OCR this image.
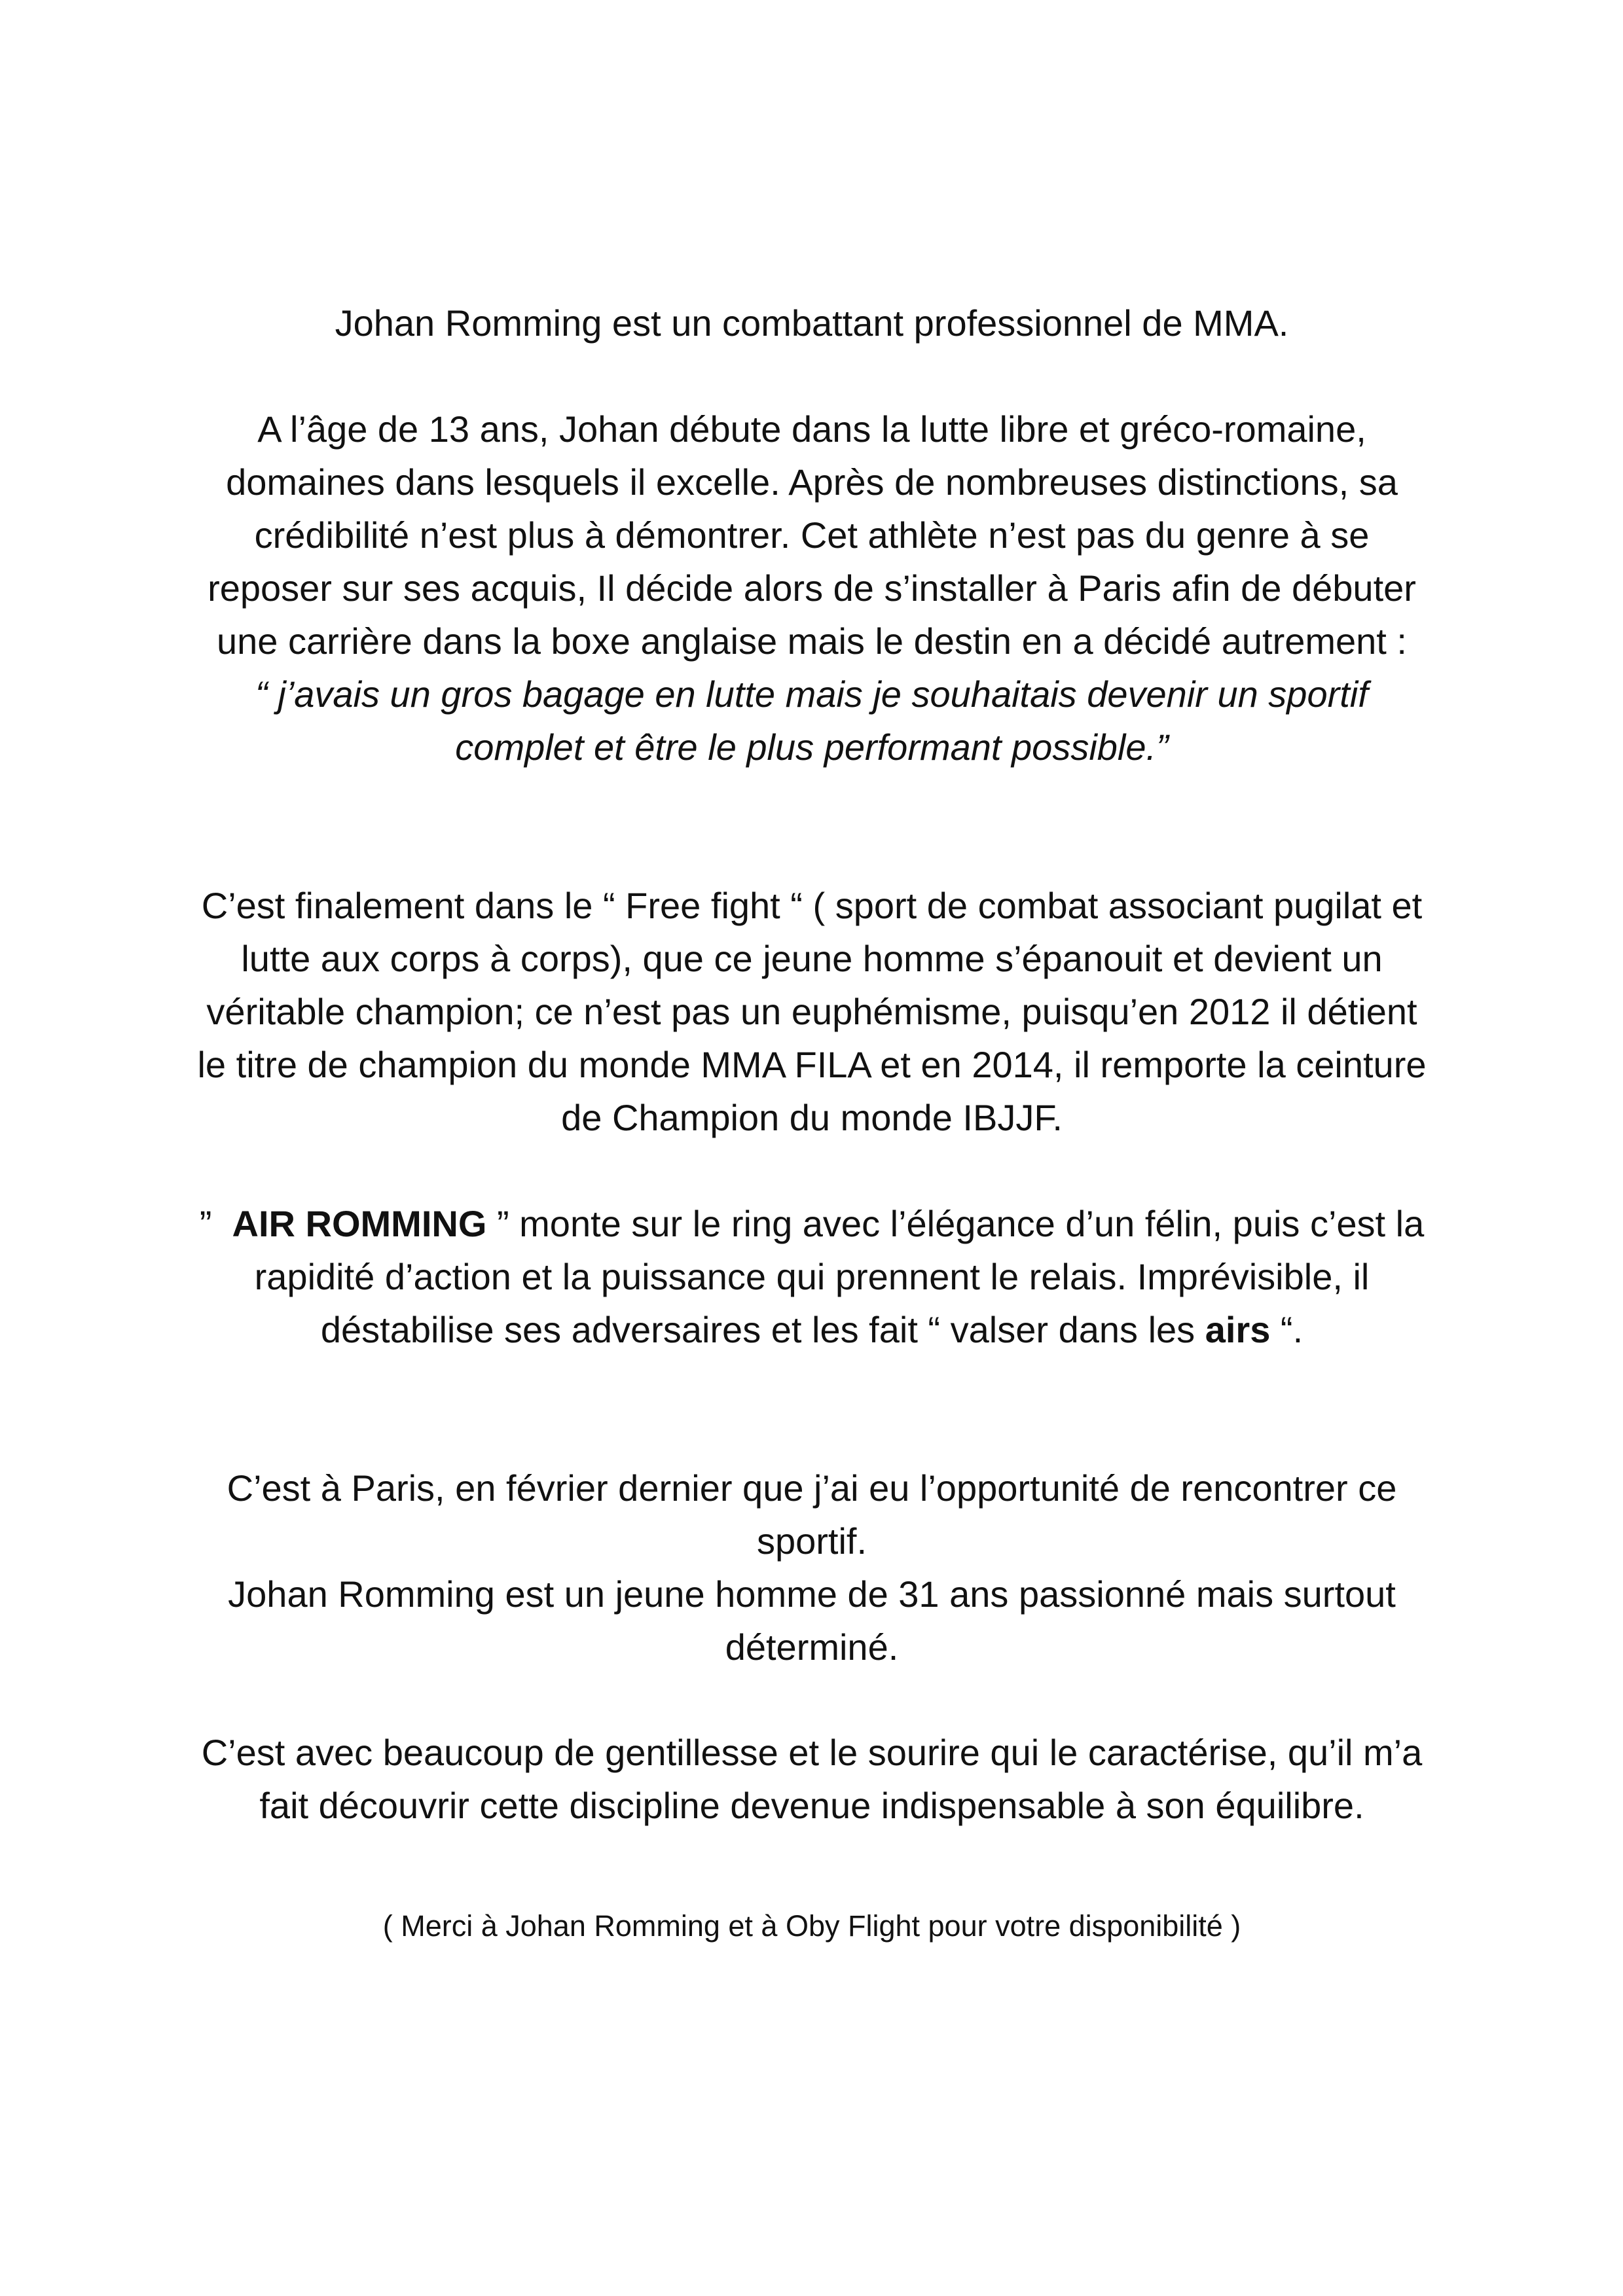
Johan Romming est un combattant professionnel de MMA.

A l’âge de 13 ans, Johan débute dans la lutte libre et gréco-romaine, domaines dans lesquels il excelle. Après de nombreuses distinctions, sa crédibilité n’est plus à démontrer. Cet athlète n’est pas du genre à se reposer sur ses acquis, Il décide alors de s’installer à Paris afin de débuter une carrière dans la boxe anglaise mais le destin en a décidé autrement :

“ j’avais un gros bagage en lutte mais je souhaitais devenir un sportif complet et être le plus performant possible.”

C’est finalement dans le “ Free fight “ ( sport de combat associant pugilat et lutte aux corps à corps), que ce jeune homme s’épanouit et devient un véritable champion; ce n’est pas un euphémisme, puisqu’en 2012 il détient le titre de champion du monde MMA FILA et en 2014, il remporte la ceinture de Champion du monde IBJJF.

” AIR ROMMING ” monte sur le ring avec l’élégance d’un félin, puis c’est la rapidité d’action et la puissance qui prennent le relais. Imprévisible, il déstabilise ses adversaires et les fait “ valser dans les airs “.

C’est à Paris, en février dernier que j’ai eu l’opportunité de rencontrer ce sportif.

Johan Romming est un jeune homme de 31 ans passionné mais surtout déterminé.

C’est avec beaucoup de gentillesse et le sourire qui le caractérise, qu’il m’a fait découvrir cette discipline devenue indispensable à son équilibre.

( Merci à Johan Romming et à Oby Flight pour votre disponibilité )
